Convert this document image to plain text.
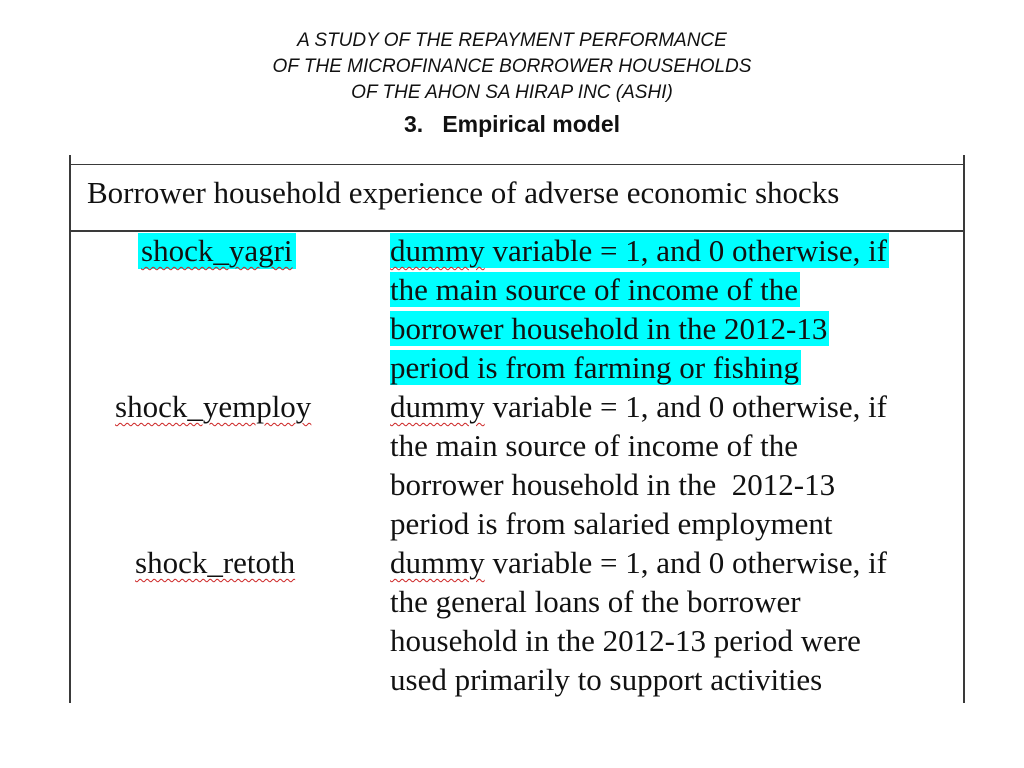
A STUDY OF THE REPAYMENT PERFORMANCE
OF THE MICROFINANCE BORROWER HOUSEHOLDS
OF THE AHON SA HIRAP INC (ASHI)
3.   Empirical model
Borrower household experience of adverse economic shocks
shock_yagri	dummy variable = 1, and 0 otherwise, if
the main source of income of the
borrower household in the 2012-13
period is from farming or fishing
shock_yemploy	dummy variable = 1, and 0 otherwise, if
the main source of income of the
borrower household in the  2012-13
period is from salaried employment
shock_retoth	dummy variable = 1, and 0 otherwise, if
the general loans of the borrower
household in the 2012-13 period were
used primarily to support activities
